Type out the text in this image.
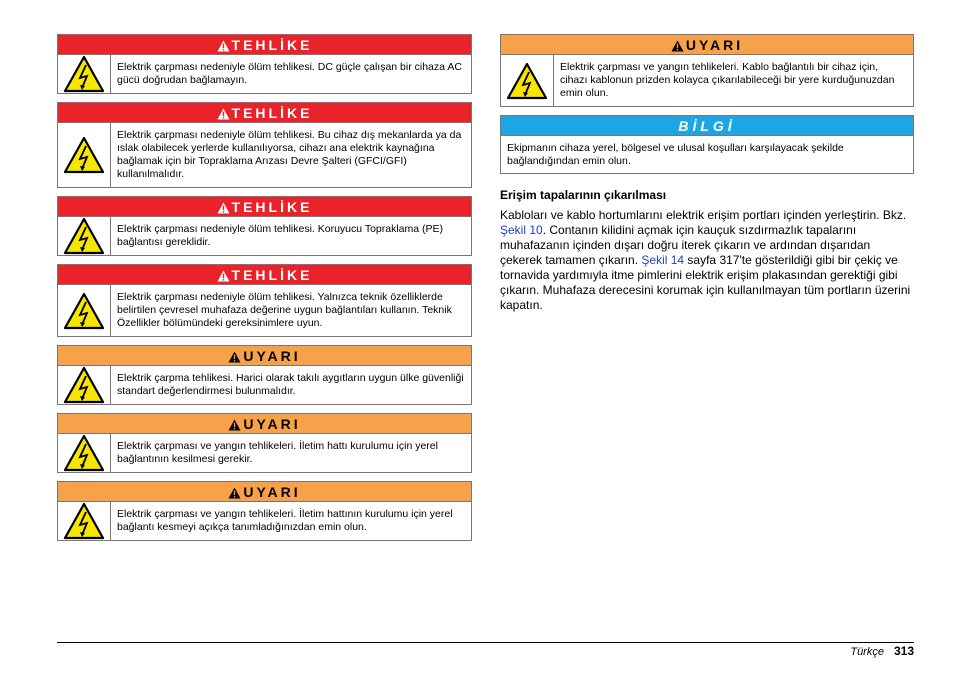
TEHLİKE
Elektrik çarpması nedeniyle ölüm tehlikesi. DC güçle çalışan bir cihaza AC gücü doğrudan bağlamayın.
TEHLİKE
Elektrik çarpması nedeniyle ölüm tehlikesi. Bu cihaz dış mekanlarda ya da ıslak olabilecek yerlerde kullanılıyorsa, cihazı ana elektrik kaynağına bağlamak için bir Topraklama Arızası Devre Şalteri (GFCI/GFI) kullanılmalıdır.
TEHLİKE
Elektrik çarpması nedeniyle ölüm tehlikesi. Koruyucu Topraklama (PE) bağlantısı gereklidir.
TEHLİKE
Elektrik çarpması nedeniyle ölüm tehlikesi. Yalnızca teknik özelliklerde belirtilen çevresel muhafaza değerine uygun bağlantıları kullanın. Teknik Özellikler bölümündeki gereksinimlere uyun.
UYARI
Elektrik çarpma tehlikesi. Harici olarak takılı aygıtların uygun ülke güvenliği standart değerlendirmesi bulunmalıdır.
UYARI
Elektrik çarpması ve yangın tehlikeleri. İletim hattı kurulumu için yerel bağlantının kesilmesi gerekir.
UYARI
Elektrik çarpması ve yangın tehlikeleri. İletim hattının kurulumu için yerel bağlantı kesmeyi açıkça tanımladığınızdan emin olun.
UYARI
Elektrik çarpması ve yangın tehlikeleri. Kablo bağlantılı bir cihaz için, cihazı kablonun prizden kolayca çıkarılabileceği bir yere kurduğunuzdan emin olun.
BİLGİ
Ekipmanın cihaza yerel, bölgesel ve ulusal koşulları karşılayacak şekilde bağlandığından emin olun.
Erişim tapalarının çıkarılması

Kabloları ve kablo hortumlarını elektrik erişim portları içinden yerleştirin. Bkz. Şekil 10. Contanın kilidini açmak için kauçuk sızdırmazlık tapalarını muhafazanın içinden dışarı doğru iterek çıkarın ve ardından dışarıdan çekerek tamamen çıkarın. Şekil 14 sayfa 317'te gösterildiği gibi bir çekiç ve tornavida yardımıyla itme pimlerini elektrik erişim plakasından gerektiği gibi çıkarın. Muhafaza derecesini korumak için kullanılmayan tüm portların üzerini kapatın.

Türkçe 313
